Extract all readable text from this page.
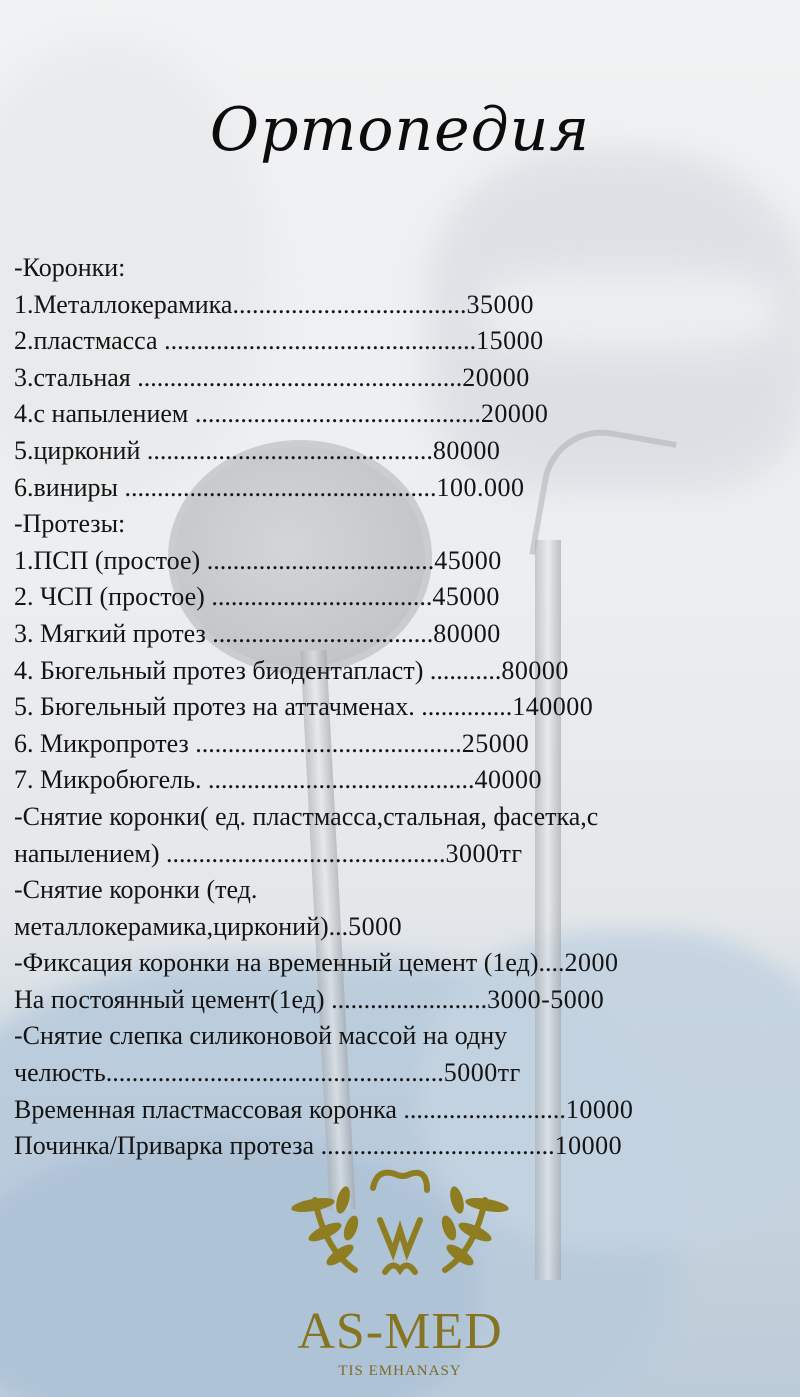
Ортопедия
-Коронки:
1.Металлокерамика....................................35000
2.пластмасса ................................................15000
3.стальная ..................................................20000
4.с напылением ............................................20000
5.цирконий ............................................80000
6.виниры ................................................100.000
-Протезы:
1.ПСП (простое) ...................................45000
2. ЧСП (простое) ..................................45000
3. Мягкий протез ..................................80000
4. Бюгельный протез биодентапласт) ...........80000
5. Бюгельный протез на аттачменах. ..............140000
6. Микропротез .........................................25000
7. Микробюгель. .........................................40000
-Снятие коронки( ед. пластмасса,стальная, фасетка,с
напылением) ...........................................3000тг
-Снятие коронки (тед.
металлокерамика,цирконий)...5000
-Фиксация коронки на временный цемент (1ед)....2000
На постоянный цемент(1ед) ........................3000-5000
-Снятие слепка силиконовой массой на одну
челюсть....................................................5000тг
Временная пластмассовая коронка .........................10000
Починка/Приварка протеза ....................................10000
AS-MED
TIS EMHANASY
